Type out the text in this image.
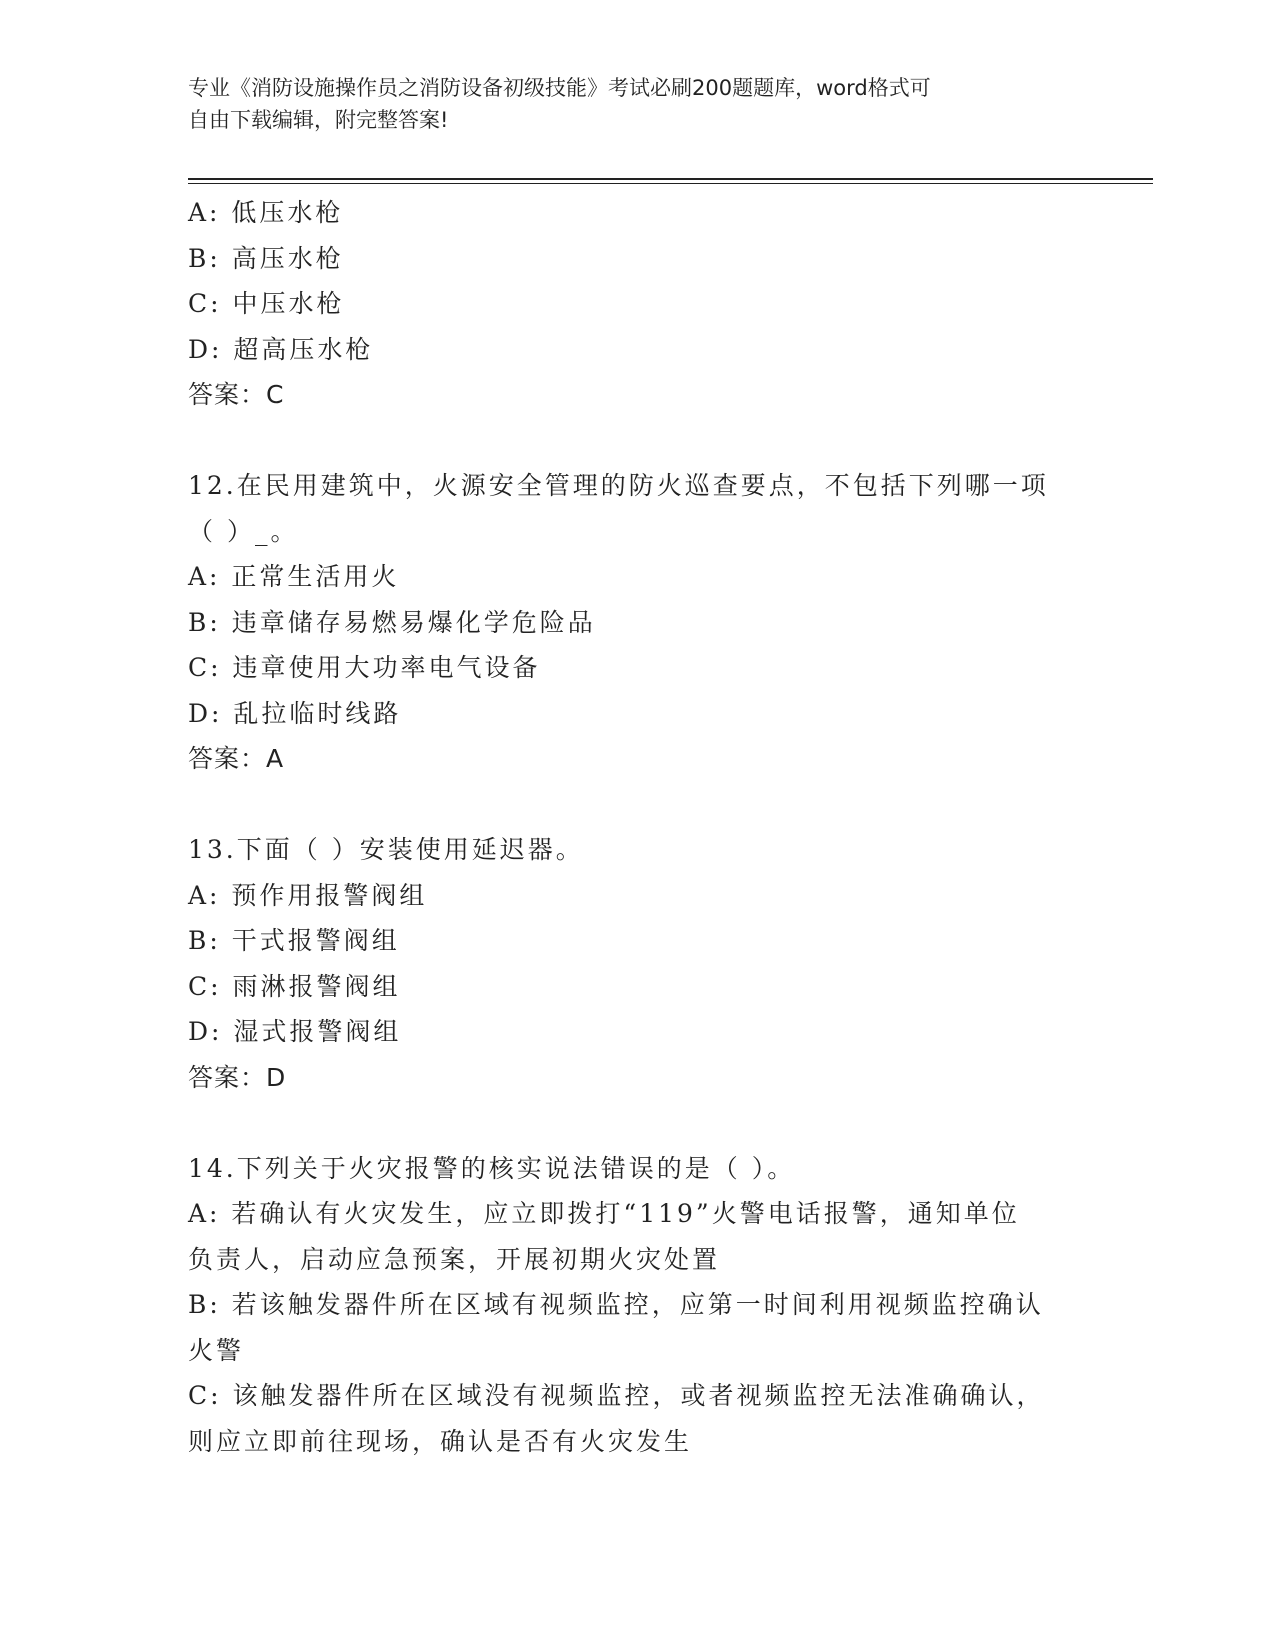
专业《消防设施操作员之消防设备初级技能》考试必刷200题题库，word格式可
自由下载编辑，附完整答案!
A: 低压水枪
B: 高压水枪
C: 中压水枪
D: 超高压水枪
答案：C
12.在民用建筑中，火源安全管理的防火巡查要点，不包括下列哪一项
（ ）_。
A: 正常生活用火
B: 违章储存易燃易爆化学危险品
C: 违章使用大功率电气设备
D: 乱拉临时线路
答案：A
13.下面（ ）安装使用延迟器。
A: 预作用报警阀组
B: 干式报警阀组
C: 雨淋报警阀组
D: 湿式报警阀组
答案：D
14.下列关于火灾报警的核实说法错误的是（ ）。
A: 若确认有火灾发生，应立即拨打“119”火警电话报警，通知单位
负责人，启动应急预案，开展初期火灾处置
B: 若该触发器件所在区域有视频监控，应第一时间利用视频监控确认
火警
C: 该触发器件所在区域没有视频监控，或者视频监控无法准确确认，
则应立即前往现场，确认是否有火灾发生
